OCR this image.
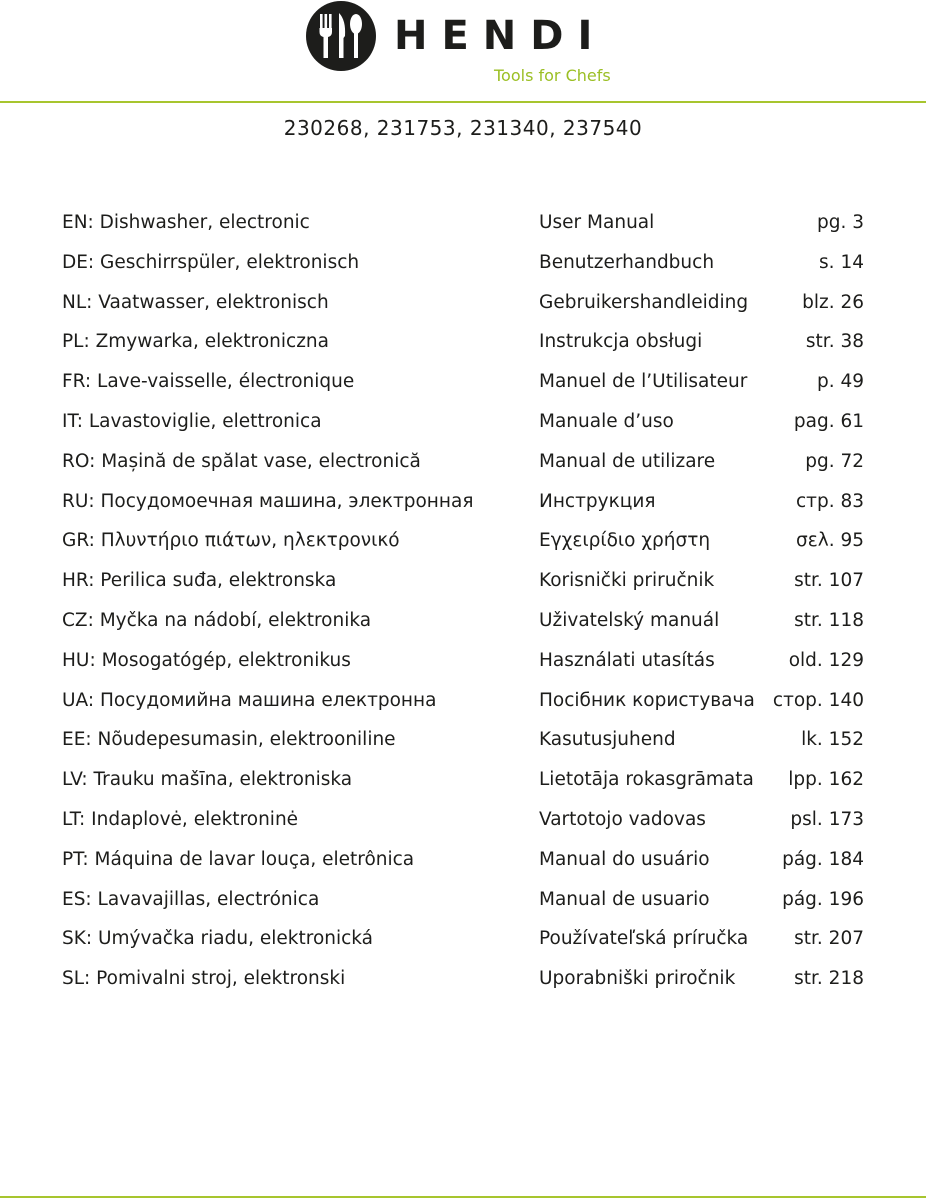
HENDI
Tools for Chefs
230268, 231753, 231340, 237540
EN: Dishwasher, electronic	User Manual	pg. 3
DE: Geschirrspüler, elektronisch	Benutzerhandbuch	s. 14
NL: Vaatwasser, elektronisch	Gebruikershandleiding	blz. 26
PL: Zmywarka, elektroniczna	Instrukcja obsługi	str. 38
FR: Lave-vaisselle, électronique	Manuel de l’Utilisateur	p. 49
IT: Lavastoviglie, elettronica	Manuale d’uso	pag. 61
RO: Mașină de spălat vase, electronică	Manual de utilizare	pg. 72
RU: Посудомоечная машина, электронная	Инструкция	стр. 83
GR: Πλυντήριο πιάτων, ηλεκτρονικό	Εγχειρίδιο χρήστη	σελ. 95
HR: Perilica suđa, elektronska	Korisnički priručnik	str. 107
CZ: Myčka na nádobí, elektronika	Uživatelský manuál	str. 118
HU: Mosogatógép, elektronikus	Használati utasítás	old. 129
UA: Посудомийна машина електронна	Посібник користувача стор. 140
EE: Nõudepesumasin, elektrooniline	Kasutusjuhend	lk. 152
LV: Trauku mašīna, elektroniska	Lietotāja rokasgrāmata lpp. 162
LT: Indaplovė, elektroninė	Vartotojo vadovas	psl. 173
PT: Máquina de lavar louça, eletrônica	Manual do usuário	pág. 184
ES: Lavavajillas, electrónica	Manual de usuario	pág. 196
SK: Umývačka riadu, elektronická	Používateľská príručka str. 207
SL: Pomivalni stroj, elektronski	Uporabniški priročnik	str. 218
